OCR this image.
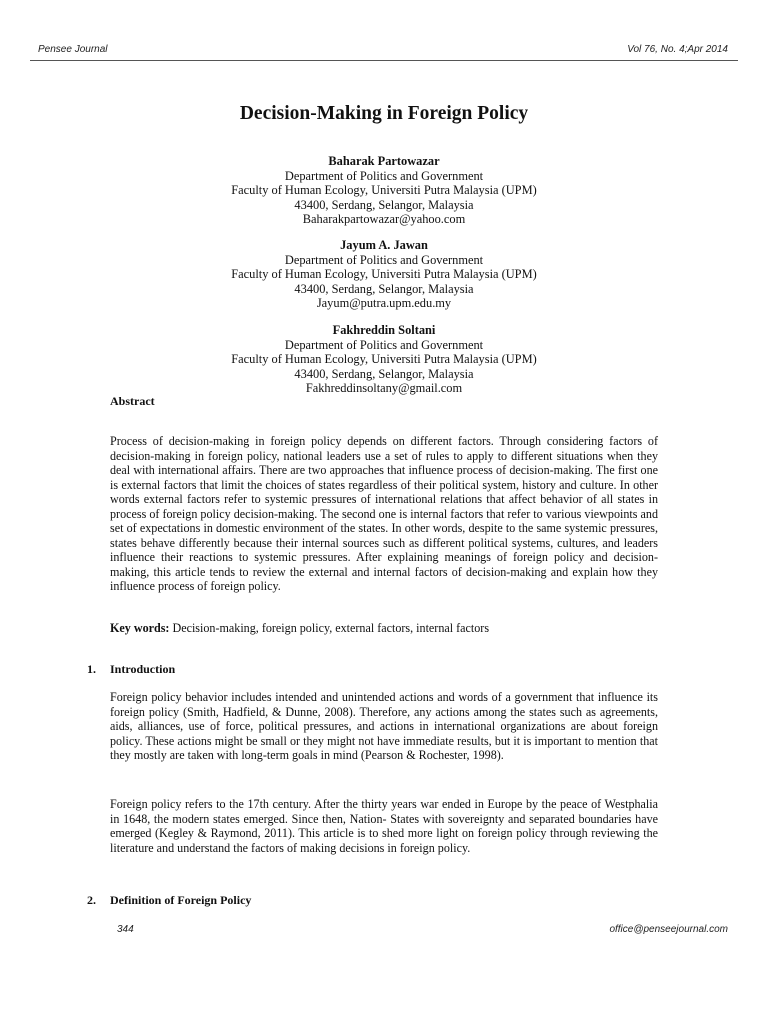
Pensee Journal	Vol 76, No. 4;Apr 2014
Decision-Making in Foreign Policy
Baharak Partowazar
Department of Politics and Government
Faculty of Human Ecology, Universiti Putra Malaysia (UPM)
43400, Serdang, Selangor, Malaysia
Baharakpartowazar@yahoo.com
Jayum A. Jawan
Department of Politics and Government
Faculty of Human Ecology, Universiti Putra Malaysia (UPM)
43400, Serdang, Selangor, Malaysia
Jayum@putra.upm.edu.my
Fakhreddin Soltani
Department of Politics and Government
Faculty of Human Ecology, Universiti Putra Malaysia (UPM)
43400, Serdang, Selangor, Malaysia
Fakhreddinsoltany@gmail.com
Abstract

Process of decision-making in foreign policy depends on different factors. Through considering factors of decision-making in foreign policy, national leaders use a set of rules to apply to different situations when they deal with international affairs. There are two approaches that influence process of decision-making. The first one is external factors that limit the choices of states regardless of their political system, history and culture. In other words external factors refer to systemic pressures of international relations that affect behavior of all states in process of foreign policy decision-making. The second one is internal factors that refer to various viewpoints and set of expectations in domestic environment of the states. In other words, despite to the same systemic pressures, states behave differently because their internal sources such as different political systems, cultures, and leaders influence their reactions to systemic pressures. After explaining meanings of foreign policy and decision-making, this article tends to review the external and internal factors of decision-making and explain how they influence process of foreign policy.

Key words: Decision-making, foreign policy, external factors, internal factors

1. Introduction

Foreign policy behavior includes intended and unintended actions and words of a government that influence its foreign policy (Smith, Hadfield, & Dunne, 2008). Therefore, any actions among the states such as agreements, aids, alliances, use of force, political pressures, and actions in international organizations are about foreign policy. These actions might be small or they might not have immediate results, but it is important to mention that they mostly are taken with long-term goals in mind (Pearson & Rochester, 1998).

Foreign policy refers to the 17th century. After the thirty years war ended in Europe by the peace of Westphalia in 1648, the modern states emerged. Since then, Nation- States with sovereignty and separated boundaries have emerged (Kegley & Raymond, 2011). This article is to shed more light on foreign policy through reviewing the literature and understand the factors of making decisions in foreign policy.

2. Definition of Foreign Policy
344	office@penseejournal.com
